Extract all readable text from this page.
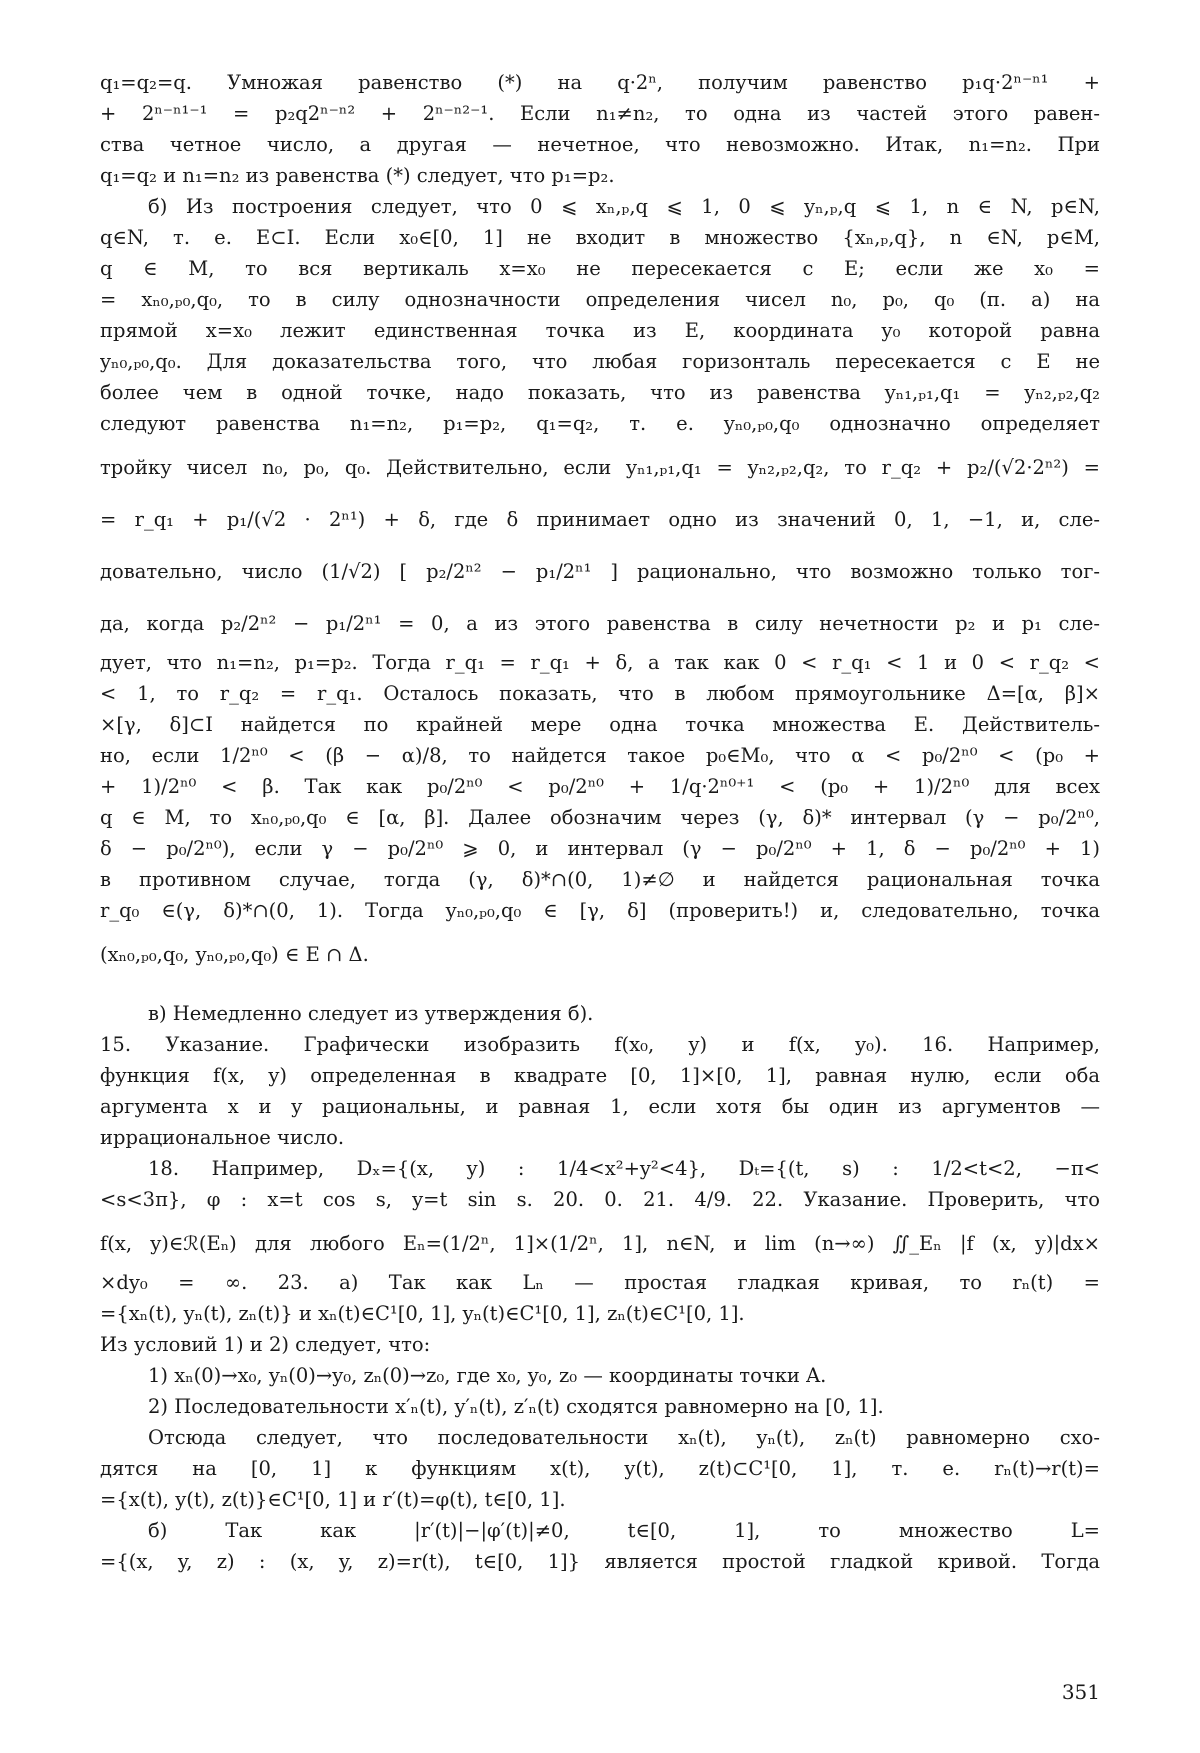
q₁=q₂=q. Умножая равенство (*) на q·2ⁿ, получим равенство p₁q·2ⁿ⁻ⁿ¹ +
+ 2ⁿ⁻ⁿ¹⁻¹ = p₂q2ⁿ⁻ⁿ² + 2ⁿ⁻ⁿ²⁻¹. Если n₁≠n₂, то одна из частей этого равен-
ства четное число, а другая — нечетное, что невозможно. Итак, n₁=n₂. При
q₁=q₂ и n₁=n₂ из равенства (*) следует, что p₁=p₂.
б) Из построения следует, что 0 ⩽ xₙ,ₚ,q ⩽ 1, 0 ⩽ yₙ,ₚ,q ⩽ 1, n ∈ N, p∈N,
q∈N, т. е. E⊂I. Если x₀∈[0, 1] не входит в множество {xₙ,ₚ,q}, n ∈N, p∈M,
q ∈ M, то вся вертикаль x=x₀ не пересекается с E; если же x₀ =
= xₙ₀,ₚ₀,q₀, то в силу однозначности определения чисел n₀, p₀, q₀ (п. а) на
прямой x=x₀ лежит единственная точка из E, координата y₀ которой равна
yₙ₀,ₚ₀,q₀. Для доказательства того, что любая горизонталь пересекается с E не
более чем в одной точке, надо показать, что из равенства yₙ₁,ₚ₁,q₁ = yₙ₂,ₚ₂,q₂
следуют равенства n₁=n₂, p₁=p₂, q₁=q₂, т. е. yₙ₀,ₚ₀,q₀ однозначно определяет
тройку чисел n₀, p₀, q₀. Действительно, если yₙ₁,ₚ₁,q₁ = yₙ₂,ₚ₂,q₂, то r_q₂ + p₂/(√2·2ⁿ²) =
= r_q₁ + p₁/(√2 · 2ⁿ¹) + δ, где δ принимает одно из значений 0, 1, −1, и, сле-
довательно, число (1/√2) [ p₂/2ⁿ² − p₁/2ⁿ¹ ] рационально, что возможно только тог-
да, когда p₂/2ⁿ² − p₁/2ⁿ¹ = 0, а из этого равенства в силу нечетности p₂ и p₁ сле-
дует, что n₁=n₂, p₁=p₂. Тогда r_q₁ = r_q₁ + δ, а так как 0 < r_q₁ < 1 и 0 < r_q₂ <
< 1, то r_q₂ = r_q₁. Осталось показать, что в любом прямоугольнике Δ=[α, β]×
×[γ, δ]⊂I найдется по крайней мере одна точка множества E. Действитель-
но, если 1/2ⁿ⁰ < (β − α)/8, то найдется такое p₀∈M₀, что α < p₀/2ⁿ⁰ < (p₀ +
+ 1)/2ⁿ⁰ < β. Так как p₀/2ⁿ⁰ < p₀/2ⁿ⁰ + 1/q·2ⁿ⁰⁺¹ < (p₀ + 1)/2ⁿ⁰ для всех
q ∈ M, то xₙ₀,ₚ₀,q₀ ∈ [α, β]. Далее обозначим через (γ, δ)* интервал (γ − p₀/2ⁿ⁰,
δ − p₀/2ⁿ⁰), если γ − p₀/2ⁿ⁰ ⩾ 0, и интервал (γ − p₀/2ⁿ⁰ + 1, δ − p₀/2ⁿ⁰ + 1)
в противном случае, тогда (γ, δ)*∩(0, 1)≠∅ и найдется рациональная точка
r_q₀ ∈(γ, δ)*∩(0, 1). Тогда yₙ₀,ₚ₀,q₀ ∈ [γ, δ] (проверить!) и, следовательно, точка
(xₙ₀,ₚ₀,q₀, yₙ₀,ₚ₀,q₀) ∈ E ∩ Δ.
в) Немедленно следует из утверждения б).
15. Указание. Графически изобразить f(x₀, y) и f(x, y₀). 16. Например,
функция f(x, y) определенная в квадрате [0, 1]×[0, 1], равная нулю, если оба
аргумента x и y рациональны, и равная 1, если хотя бы один из аргументов —
иррациональное число.
18. Например, Dₓ={(x, y) : 1/4<x²+y²<4}, Dₜ={(t, s) : 1/2<t<2, −π<
<s<3π}, φ : x=t cos s, y=t sin s. 20. 0. 21. 4/9. 22. Указание. Проверить, что
f(x, y)∈ℛ(Eₙ) для любого Eₙ=(1/2ⁿ, 1]×(1/2ⁿ, 1], n∈N, и lim (n→∞) ∬_Eₙ |f (x, y)|dx×
×dy₀ = ∞. 23. а) Так как Lₙ — простая гладкая кривая, то rₙ(t) =
={xₙ(t), yₙ(t), zₙ(t)} и xₙ(t)∈C¹[0, 1], yₙ(t)∈C¹[0, 1], zₙ(t)∈C¹[0, 1].
Из условий 1) и 2) следует, что:
1) xₙ(0)→x₀, yₙ(0)→y₀, zₙ(0)→z₀, где x₀, y₀, z₀ — координаты точки A.
2) Последовательности x′ₙ(t), y′ₙ(t), z′ₙ(t) сходятся равномерно на [0, 1].
Отсюда следует, что последовательности xₙ(t), yₙ(t), zₙ(t) равномерно схо-
дятся на [0, 1] к функциям x(t), y(t), z(t)⊂C¹[0, 1], т. е. rₙ(t)→r(t)=
={x(t), y(t), z(t)}∈C¹[0, 1] и r′(t)=φ(t), t∈[0, 1].
б) Так как |r′(t)|−|φ′(t)|≠0, t∈[0, 1], то множество L=
={(x, y, z) : (x, y, z)=r(t), t∈[0, 1]} является простой гладкой кривой. Тогда
351
